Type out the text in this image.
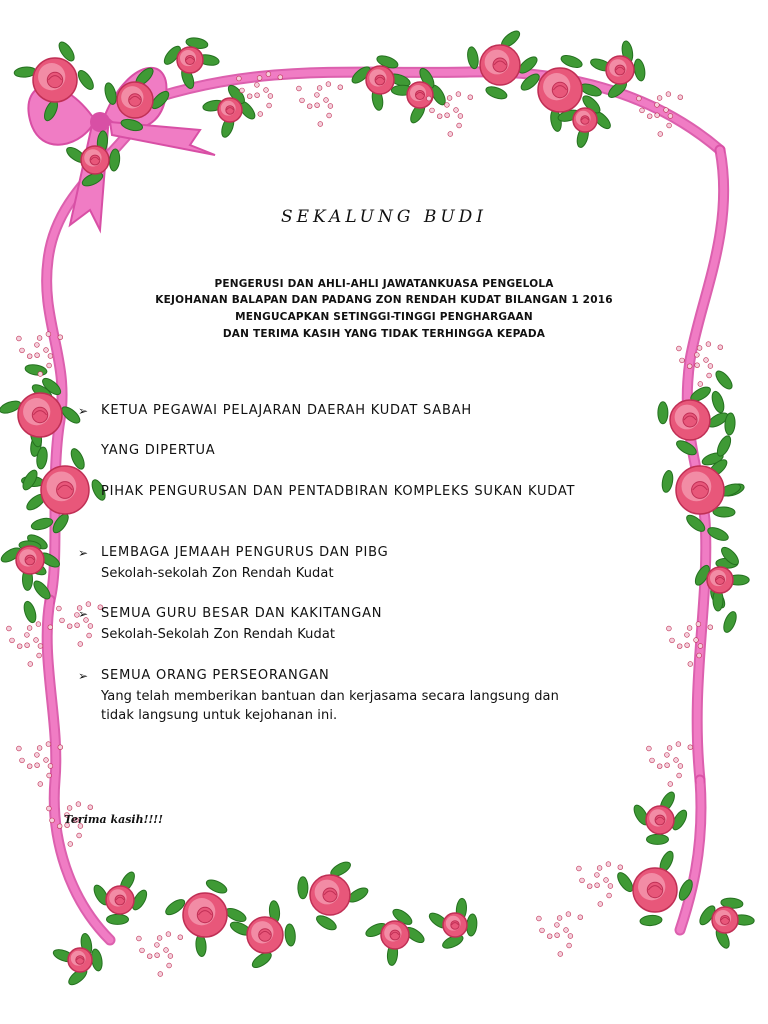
SEKALUNG BUDI
PENGERUSI DAN AHLI-AHLI JAWATANKUASA PENGELOLA
KEJOHANAN BALAPAN DAN PADANG ZON RENDAH KUDAT BILANGAN 1 2016
MENGUCAPKAN SETINGGI-TINGGI PENGHARGAAN
DAN TERIMA KASIH YANG TIDAK TERHINGGA KEPADA
➢ KETUA PEGAWAI PELAJARAN DAERAH KUDAT SABAH
YANG DIPERTUA
PIHAK PENGURUSAN DAN PENTADBIRAN KOMPLEKS SUKAN KUDAT
➢ LEMBAGA JEMAAH PENGURUS DAN PIBG
Sekolah-sekolah Zon Rendah Kudat
➢ SEMUA GURU BESAR DAN KAKITANGAN
Sekolah-Sekolah Zon Rendah Kudat
➢ SEMUA ORANG PERSEORANGAN
Yang telah memberikan bantuan dan kerjasama secara langsung dan
tidak langsung untuk kejohanan ini.
Terima kasih!!!!
